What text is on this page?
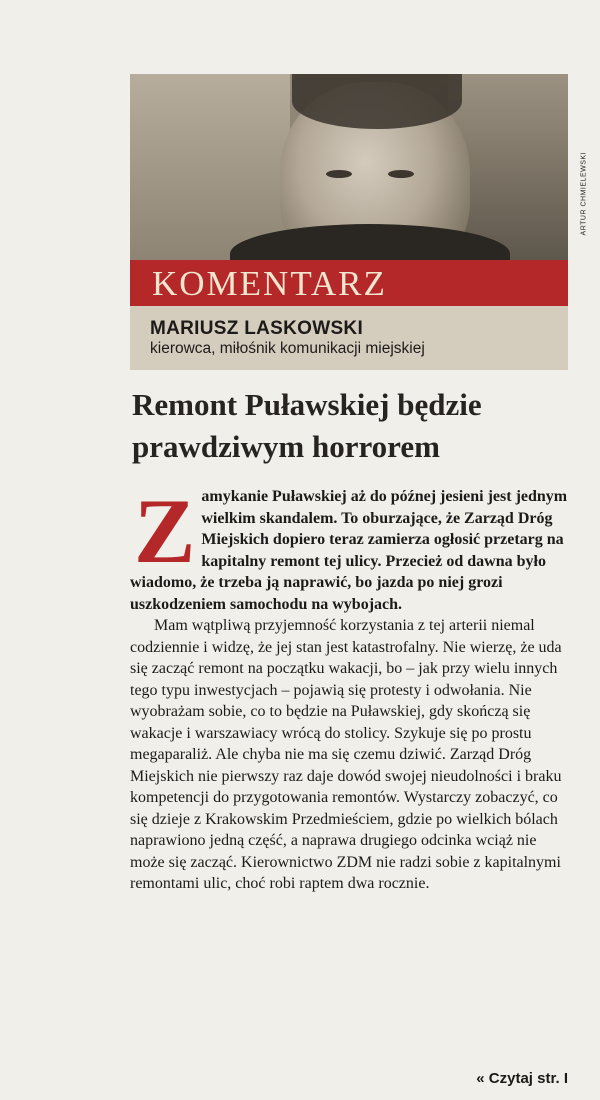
ARTUR CHMIELEWSKI
KOMENTARZ
MARIUSZ LASKOWSKI
kierowca, miłośnik komunikacji miejskiej
Remont Puławskiej będzie prawdziwym horrorem
Z amykanie Puławskiej aż do późnej jesieni jest jednym wielkim skandalem. To oburzające, że Zarząd Dróg Miejskich dopiero teraz zamierza ogłosić przetarg na kapitalny remont tej ulicy. Przecież od dawna było wiadomo, że trzeba ją naprawić, bo jazda po niej grozi uszkodzeniem samochodu na wybojach.
Mam wątpliwą przyjemność korzystania z tej arterii niemal codziennie i widzę, że jej stan jest katastrofalny. Nie wierzę, że uda się zacząć remont na początku wakacji, bo – jak przy wielu innych tego typu inwestycjach – pojawią się protesty i odwołania. Nie wyobrażam sobie, co to będzie na Puławskiej, gdy skończą się wakacje i warszawiacy wrócą do stolicy. Szykuje się po prostu megaparaliż. Ale chyba nie ma się czemu dziwić. Zarząd Dróg Miejskich nie pierwszy raz daje dowód swojej nieudolności i braku kompetencji do przygotowania remontów. Wystarczy zobaczyć, co się dzieje z Krakowskim Przedmieściem, gdzie po wielkich bólach naprawiono jedną część, a naprawa drugiego odcinka wciąż nie może się zacząć. Kierownictwo ZDM nie radzi sobie z kapitalnymi remontami ulic, choć robi raptem dwa rocznie.
« Czytaj str. I
